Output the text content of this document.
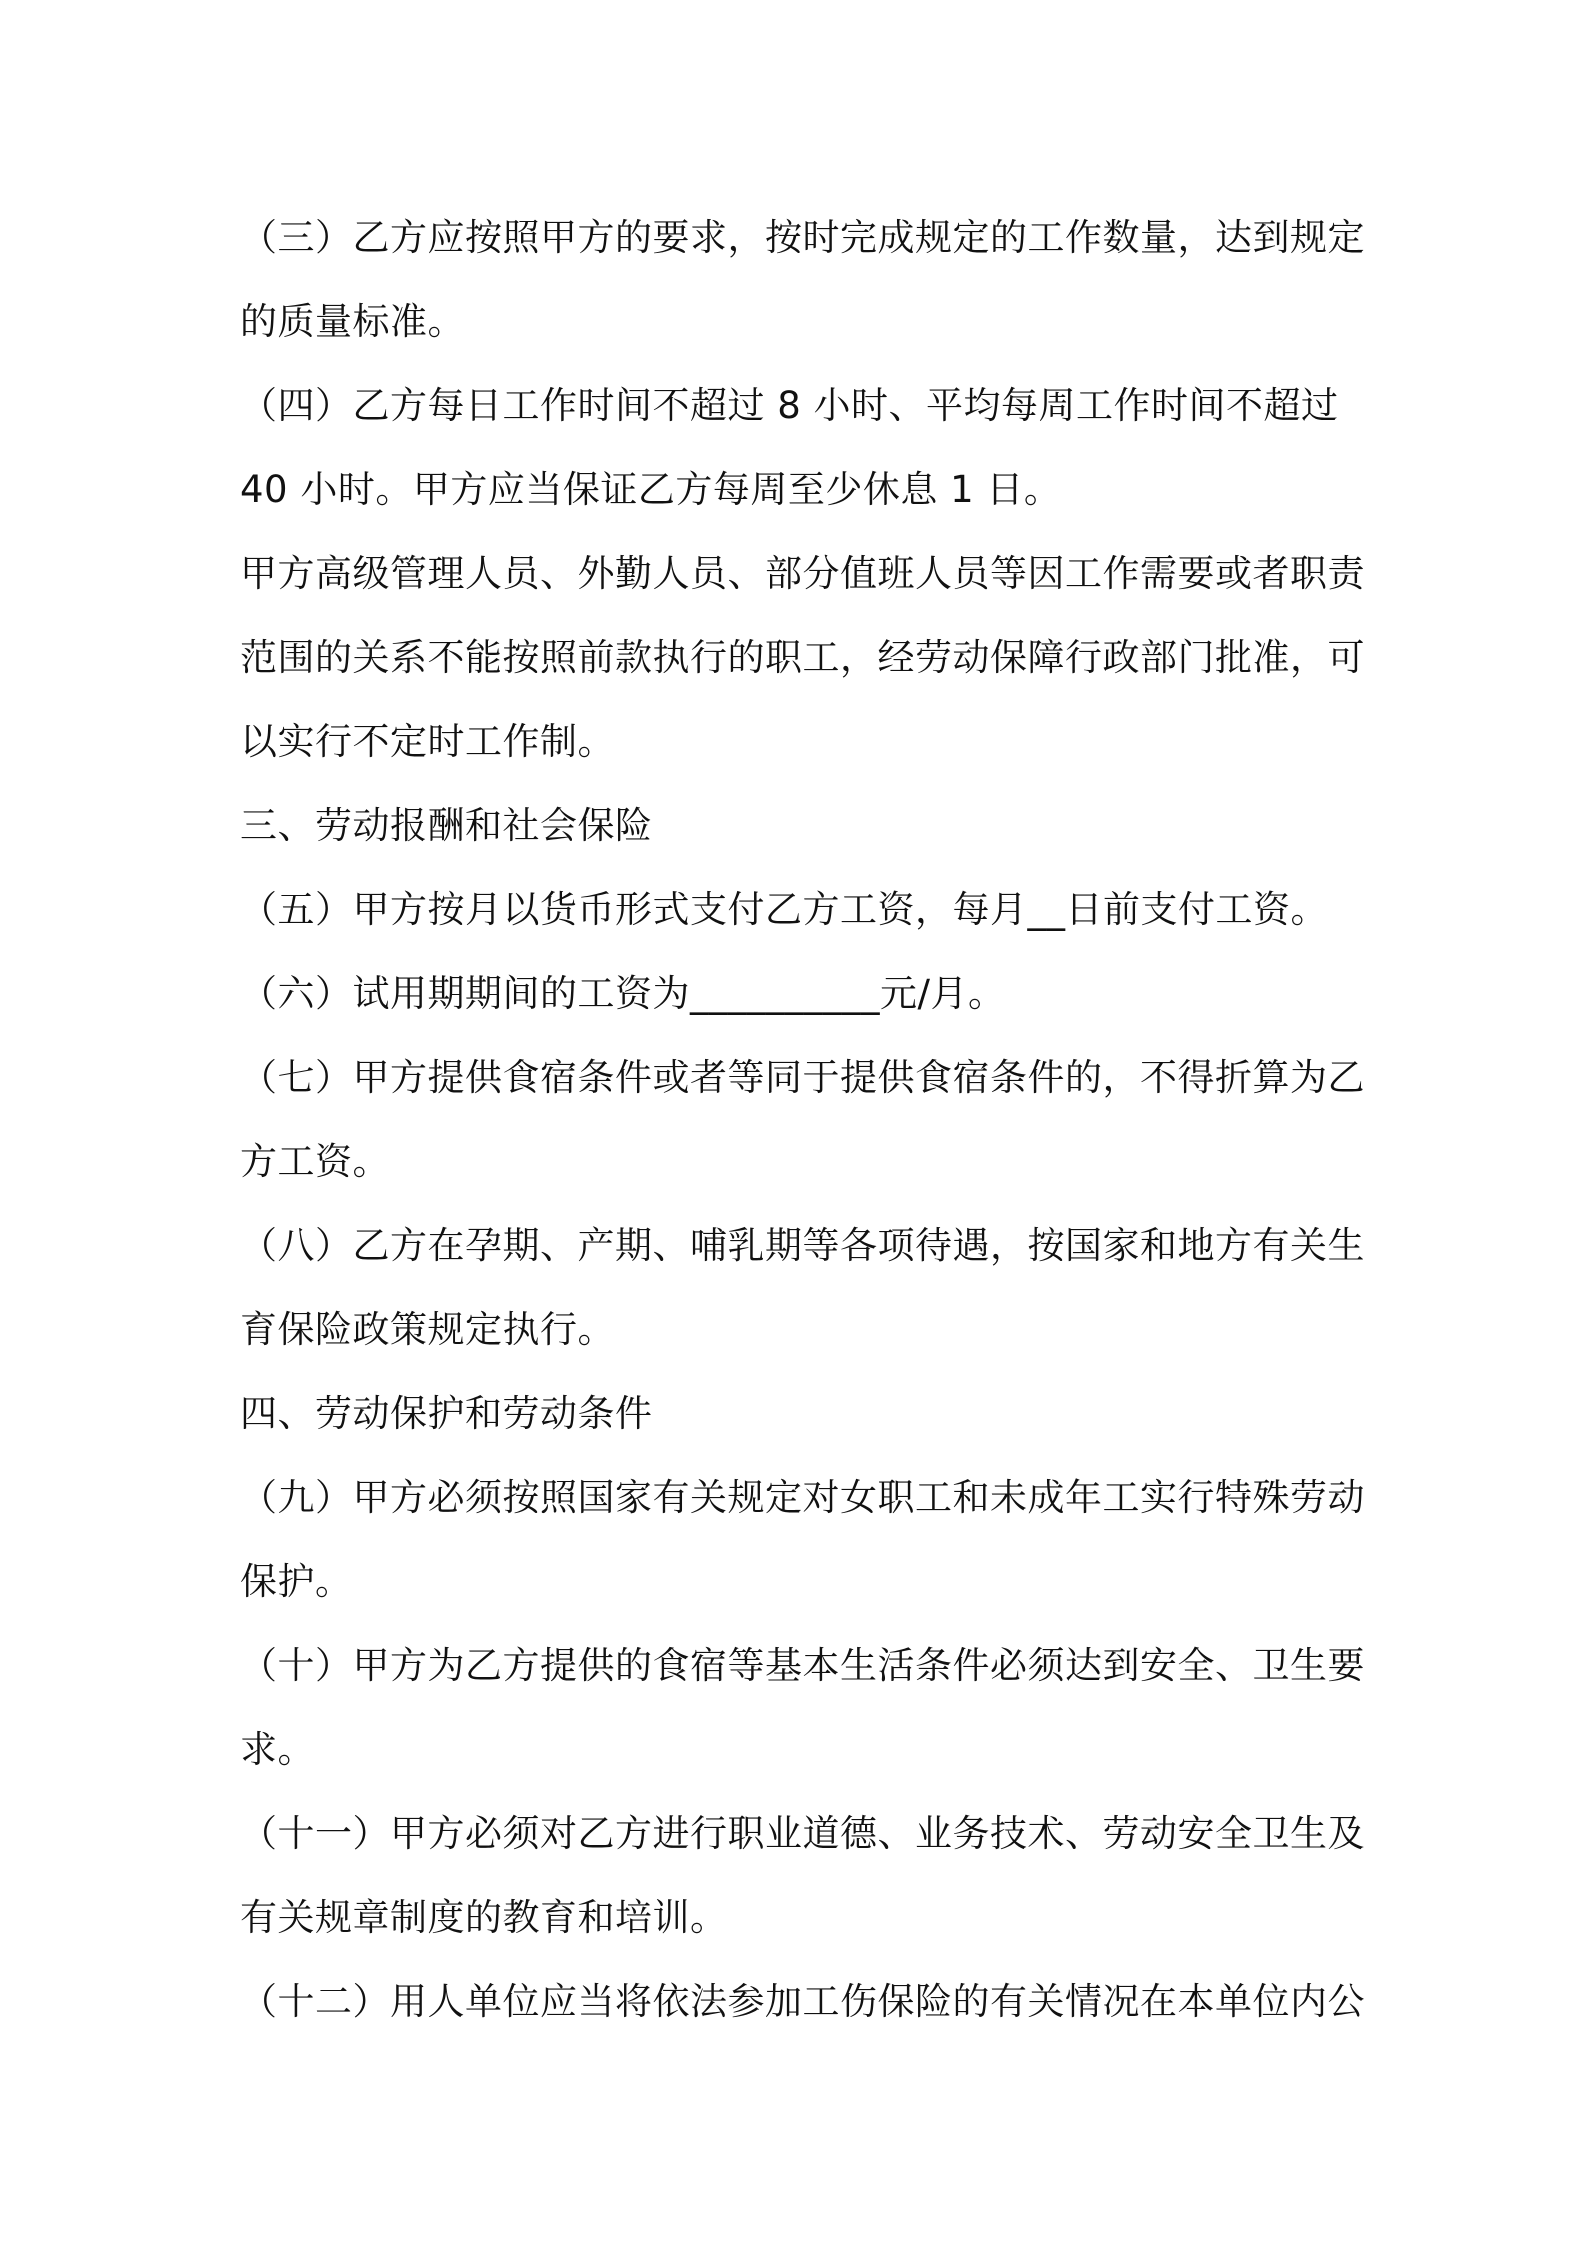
（三）乙方应按照甲方的要求，按时完成规定的工作数量，达到规定
的质量标准。
（四）乙方每日工作时间不超过 8 小时、平均每周工作时间不超过
40 小时。甲方应当保证乙方每周至少休息 1 日。
甲方高级管理人员、外勤人员、部分值班人员等因工作需要或者职责
范围的关系不能按照前款执行的职工，经劳动保障行政部门批准，可
以实行不定时工作制。
三、劳动报酬和社会保险
（五）甲方按月以货币形式支付乙方工资，每月__日前支付工资。
（六）试用期期间的工资为__________元/月。
（七）甲方提供食宿条件或者等同于提供食宿条件的，不得折算为乙
方工资。
（八）乙方在孕期、产期、哺乳期等各项待遇，按国家和地方有关生
育保险政策规定执行。
四、劳动保护和劳动条件
（九）甲方必须按照国家有关规定对女职工和未成年工实行特殊劳动
保护。
（十）甲方为乙方提供的食宿等基本生活条件必须达到安全、卫生要
求。
（十一）甲方必须对乙方进行职业道德、业务技术、劳动安全卫生及
有关规章制度的教育和培训。
（十二）用人单位应当将依法参加工伤保险的有关情况在本单位内公
